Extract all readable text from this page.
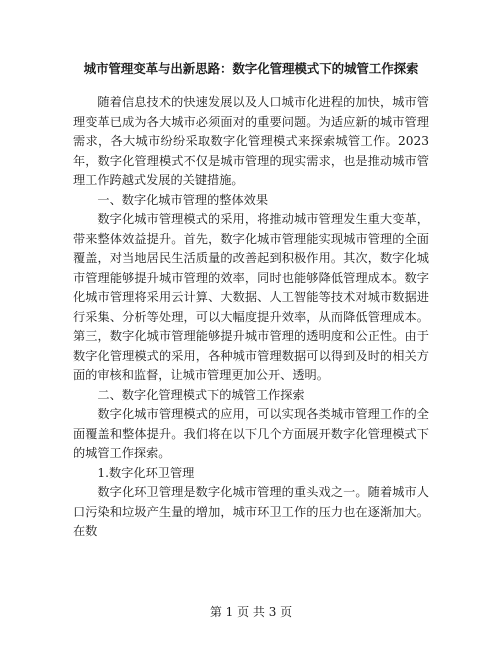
城市管理变革与出新思路：数字化管理模式下的城管工作探索

随着信息技术的快速发展以及人口城市化进程的加快，城市管理变革已成为各大城市必须面对的重要问题。为适应新的城市管理需求，各大城市纷纷采取数字化管理模式来探索城管工作。2023年，数字化管理模式不仅是城市管理的现实需求，也是推动城市管理工作跨越式发展的关键措施。

一、数字化城市管理的整体效果

数字化城市管理模式的采用，将推动城市管理发生重大变革，带来整体效益提升。首先，数字化城市管理能实现城市管理的全面覆盖，对当地居民生活质量的改善起到积极作用。其次，数字化城市管理能够提升城市管理的效率，同时也能够降低管理成本。数字化城市管理将采用云计算、大数据、人工智能等技术对城市数据进行采集、分析等处理，可以大幅度提升效率，从而降低管理成本。第三，数字化城市管理能够提升城市管理的透明度和公正性。由于数字化管理模式的采用，各种城市管理数据可以得到及时的相关方面的审核和监督，让城市管理更加公开、透明。

二、数字化管理模式下的城管工作探索

数字化城市管理模式的应用，可以实现各类城市管理工作的全面覆盖和整体提升。我们将在以下几个方面展开数字化管理模式下的城管工作探索。

1.数字化环卫管理

数字化环卫管理是数字化城市管理的重头戏之一。随着城市人口污染和垃圾产生量的增加，城市环卫工作的压力也在逐渐加大。在数

第 1 页 共 3 页
